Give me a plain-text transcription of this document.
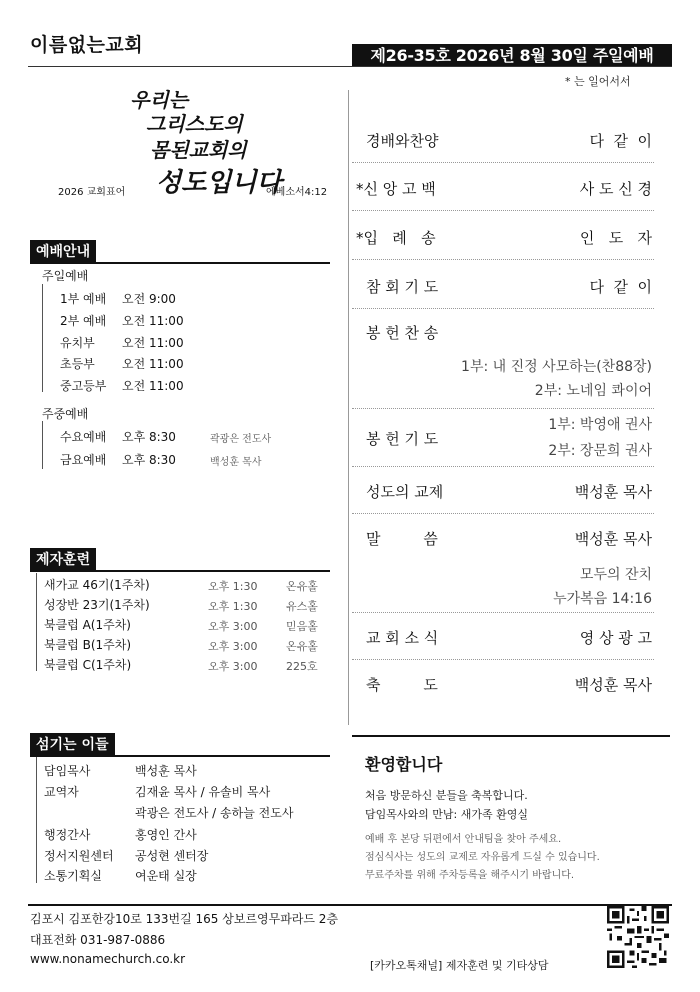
이름없는교회	제26-35호 2026년 8월 30일 주일예배
* 는 일어서서
우리는
그리스도의
몸된교회의
성도입니다
2026 교회표어	에베소서4:12
예배안내
주일예배
1부 예배 오전 9:00
2부 예배 오전 11:00
유치부 오전 11:00
초등부 오전 11:00
중고등부 오전 11:00
주중예배
수요예배 오후 8:30	곽광은 전도사
금요예배 오후 8:30	백성훈 목사
제자훈련
새가교 46기(1주차)	오후 1:30	온유홀
성장반 23기(1주차)	오후 1:30	유스홀
북클럽 A(1주차)	오후 3:00	믿음홀
북클럽 B(1주차)	오후 3:00	온유홀
북클럽 C(1주차)	오후 3:00	225호
섬기는 이들
담임목사	백성훈 목사
교역자	김재윤 목사 / 유솔비 목사
곽광은 전도사 / 송하늘 전도사
행정간사	홍영인 간사
정서지원센터 공성현 센터장
소통기획실	여운태 실장
경배와찬양	다  같  이
*신 앙 고 백	사 도 신 경
*입   례   송	인   도   자
참 회 기 도	다  같  이
봉 헌 찬 송
1부: 내 진정 사모하는(찬88장)
2부: 노네임 콰이어
봉 헌 기 도
1부: 박영애 권사
2부: 장문희 권사
성도의 교제	백성훈 목사
말         씀	백성훈 목사
모두의 잔치
누가복음 14:16
교 회 소 식	영 상 광 고
축         도	백성훈 목사
환영합니다
처음 방문하신 분들을 축복합니다.
담임목사와의 만남: 새가족 환영실
예배 후 본당 뒤편에서 안내팀을 찾아 주세요.
점심식사는 성도의 교제로 자유롭게 드실 수 있습니다.
무료주차를 위해 주차등록을 해주시기 바랍니다.
김포시 김포한강10로 133번길 165 상보르영무파라드 2층
대표전화 031-987-0886
www.nonamechurch.co.kr	[카카오톡채널] 제자훈련 및 기타상담
